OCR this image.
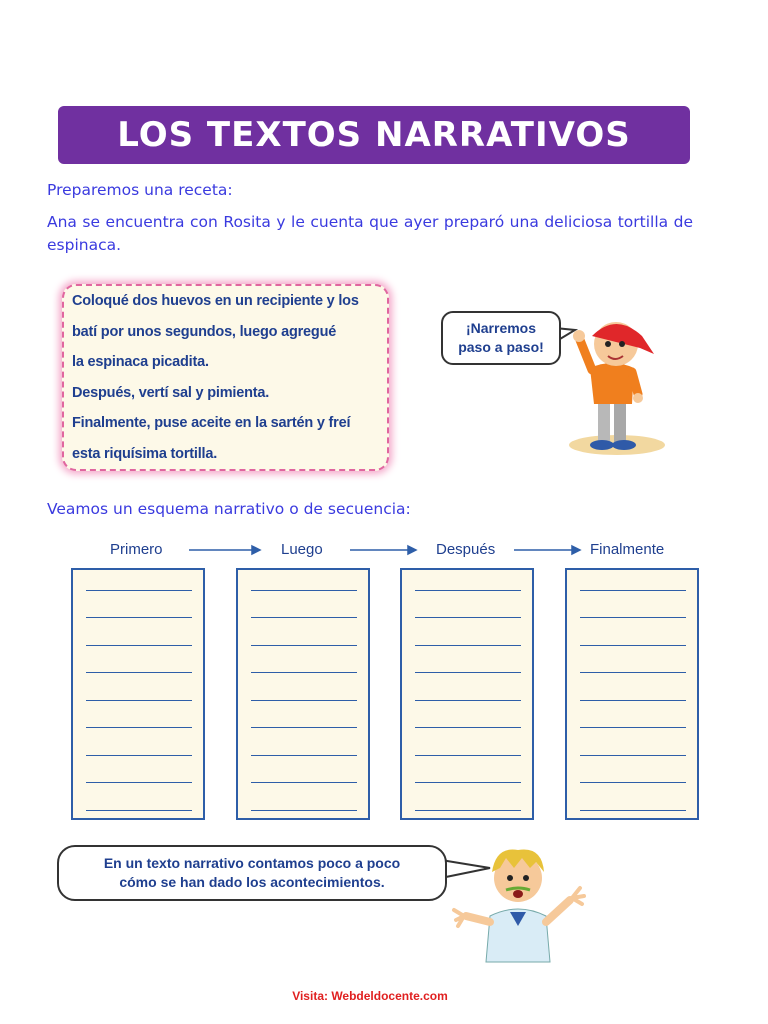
LOS TEXTOS NARRATIVOS
Preparemos una receta:
Ana se encuentra con Rosita y le cuenta que ayer preparó una deliciosa tortilla de espinaca.
Coloqué dos huevos en un recipiente y los
batí por unos segundos, luego agregué
la espinaca picadita.
Después, vertí sal y pimienta.
Finalmente, puse aceite en la sartén y freí
esta riquísima tortilla.
¡Narremos
paso a paso!
Veamos un esquema narrativo o de secuencia:
Primero	Luego	Después	Finalmente
En un texto narrativo contamos poco a poco
cómo se han dado los acontecimientos.
Visita: Webdeldocente.com
